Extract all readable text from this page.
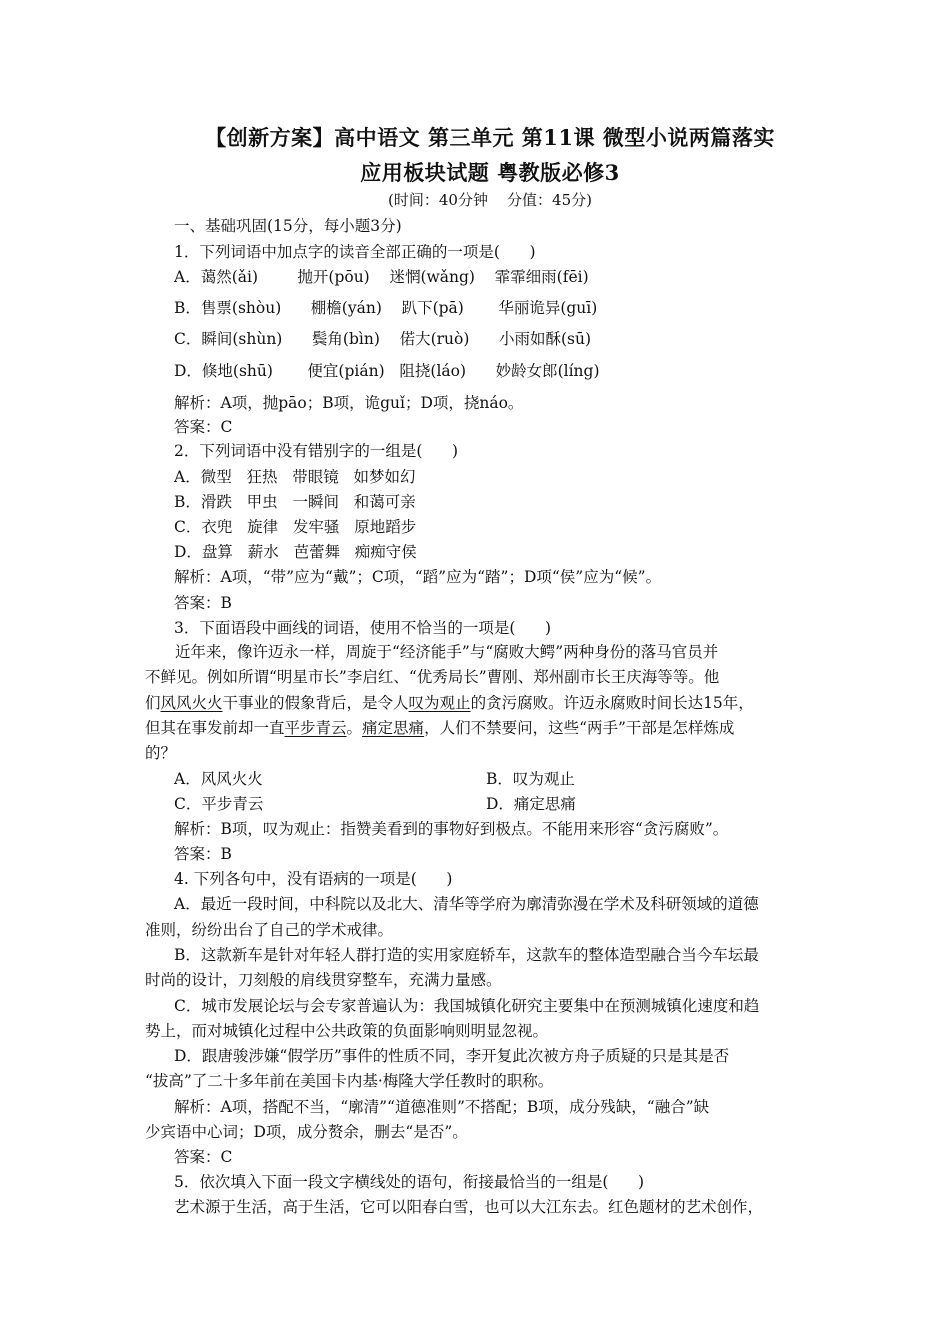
【创新方案】高中语文 第三单元 第11课 微型小说两篇落实
应用板块试题 粤教版必修3
(时间：40分钟    分值：45分)
一、基础巩固(15分，每小题3分)
1．下列词语中加点字的读音全部正确的一项是(      )
A．蔼然(ǎi)        抛开(pōu)    迷惘(wǎng)    霏霏细雨(fēi)
B．售票(shòu)      棚檐(yán)    趴下(pā)       华丽诡异(guī)
C．瞬间(shùn)      鬓角(bìn)    偌大(ruò)      小雨如酥(sū)
D．倏地(shū)       便宜(pián)   阻挠(láo)      妙龄女郎(líng)
解析：A项，抛pāo；B项，诡guǐ；D项，挠náo。
答案：C
2．下列词语中没有错别字的一组是(      )
A．微型   狂热   带眼镜   如梦如幻
B．滑跌   甲虫   一瞬间   和蔼可亲
C．衣兜   旋律   发牢骚   原地蹈步
D．盘算   薪水   芭蕾舞   痴痴守侯
解析：A项，“带”应为“戴”；C项，“蹈”应为“踏”；D项“侯”应为“候”。
答案：B
3．下面语段中画线的词语，使用不恰当的一项是(      )
近年来，像许迈永一样，周旋于“经济能手”与“腐败大鳄”两种身份的落马官员并
不鲜见。例如所谓“明星市长”李启红、“优秀局长”曹刚、郑州副市长王庆海等等。他
们风风火火干事业的假象背后，是令人叹为观止的贪污腐败。许迈永腐败时间长达15年，
但其在事发前却一直平步青云。痛定思痛，人们不禁要问，这些“两手”干部是怎样炼成
的？
A．风风火火	B．叹为观止
C．平步青云	D．痛定思痛
解析：B项，叹为观止：指赞美看到的事物好到极点。不能用来形容“贪污腐败”。
答案：B
4. 下列各句中，没有语病的一项是(      )
A．最近一段时间，中科院以及北大、清华等学府为廓清弥漫在学术及科研领域的道德
准则，纷纷出台了自己的学术戒律。
B．这款新车是针对年轻人群打造的实用家庭轿车，这款车的整体造型融合当今车坛最
时尚的设计，刀刻般的肩线贯穿整车，充满力量感。
C．城市发展论坛与会专家普遍认为：我国城镇化研究主要集中在预测城镇化速度和趋
势上，而对城镇化过程中公共政策的负面影响则明显忽视。
D．跟唐骏涉嫌“假学历”事件的性质不同，李开复此次被方舟子质疑的只是其是否
“拔高”了二十多年前在美国卡内基·梅隆大学任教时的职称。
解析：A项，搭配不当，“廓清”“道德准则”不搭配；B项，成分残缺，“融合”缺
少宾语中心词；D项，成分赘余，删去“是否”。
答案：C
5．依次填入下面一段文字横线处的语句，衔接最恰当的一组是(      )
艺术源于生活，高于生活，它可以阳春白雪，也可以大江东去。红色题材的艺术创作，
